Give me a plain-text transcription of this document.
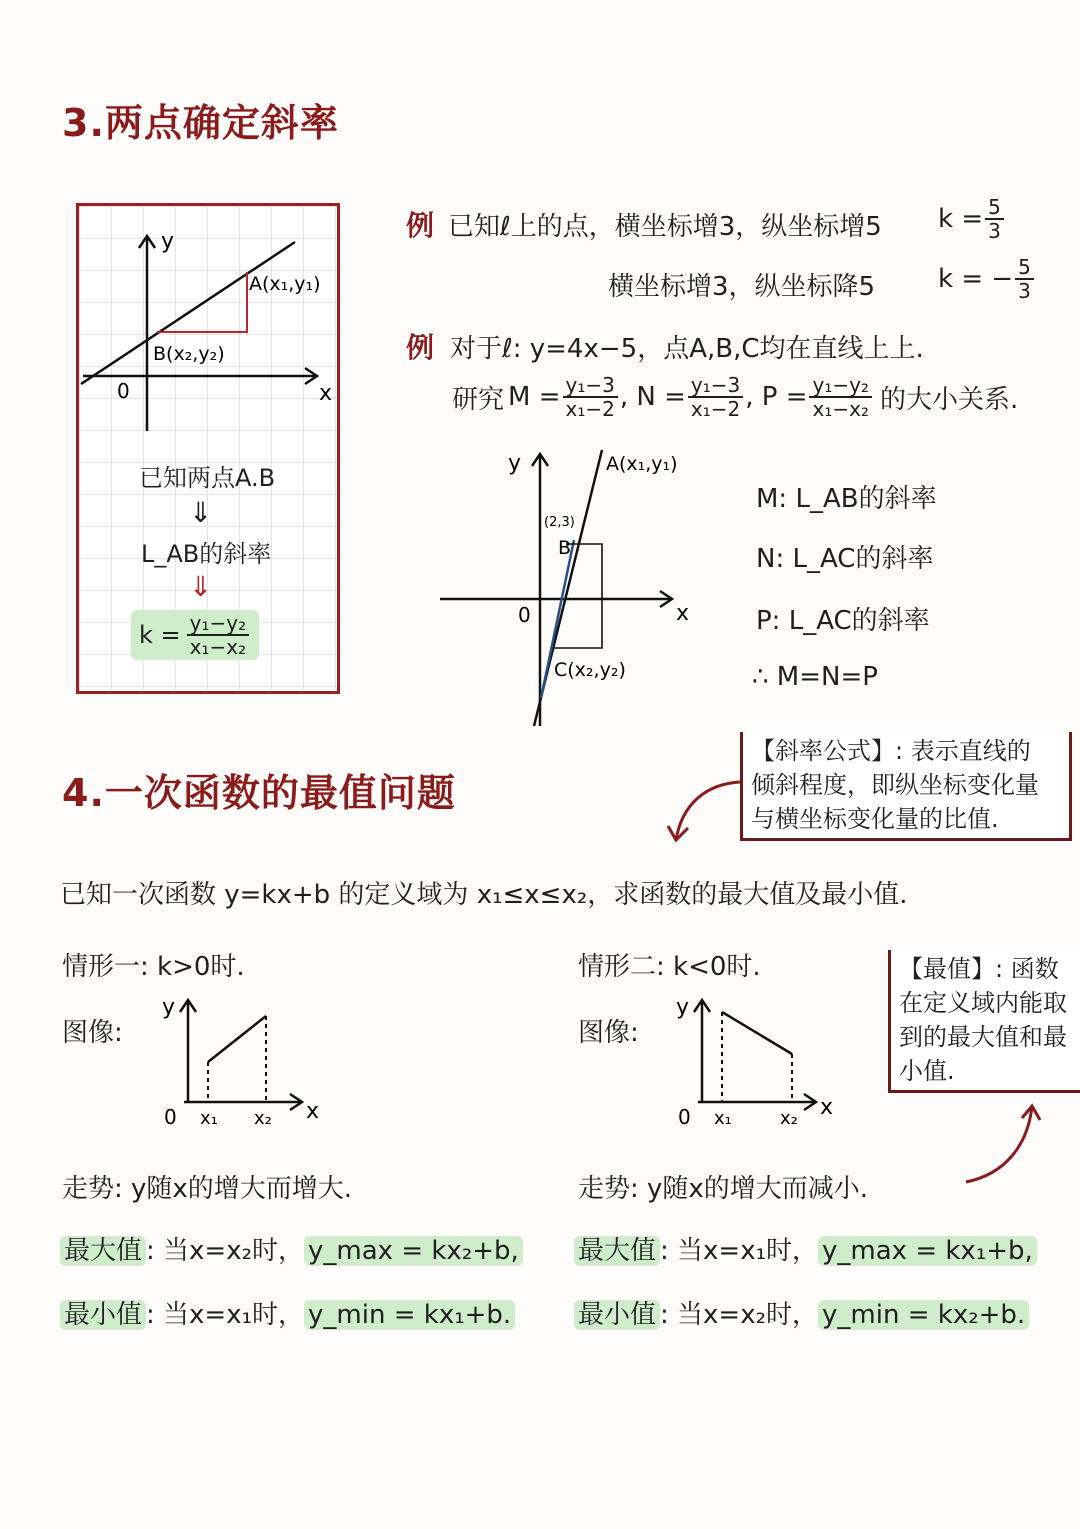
3.两点确定斜率
y
x
0
A(x₁,y₁)
B(x₂,y₂)
已知两点A.B
⇓
L_AB的斜率
⇓
$k = \frac{\text{y₁−y₂}}{\text{x₁−x₂}}$
例 已知ℓ上的点，横坐标增3，纵坐标增5 $k = \frac{5}{3}$
横坐标增3，纵坐标降5 k = − $\frac{5}{3}$
例 对于ℓ: y=4x−5，点A,B,C均在直线上上.
研究 $M = \frac{\text{y₁−3}}{\text{x₁−2}}$ , $N = \frac{\text{y₁−3}}{\text{x₁−2}}$ , $P = \frac{\text{y₁−y₂}}{\text{x₁−x₂}}$ 的大小关系.
y
x
0
A(x₁,y₁)
(2,3)
B
C(x₂,y₂)
M: L_AB的斜率
N: L_AC的斜率
P: L_AC的斜率
∴ M=N=P
【斜率公式】: 表示直线的
倾斜程度，即纵坐标变化量
与横坐标变化量的比值.
4.一次函数的最值问题
已知一次函数 y=kx+b 的定义域为 x₁≤x≤x₂，求函数的最大值及最小值.
情形一: k>0时.
图像:
y
x
0 x₁ x₂
走势: y随x的增大而增大.
最大值 : 当x=x₂时， y_max = kx₂+b,
最小值 : 当x=x₁时， y_min = kx₁+b.
情形二: k<0时.
图像:
y
x
0 x₁	x₂
走势: y随x的增大而减小.
最大值 : 当x=x₁时， y_max = kx₁+b,
最小值 : 当x=x₂时， y_min = kx₂+b.
【最值】: 函数
在定义域内能取
到的最大值和最
小值.
